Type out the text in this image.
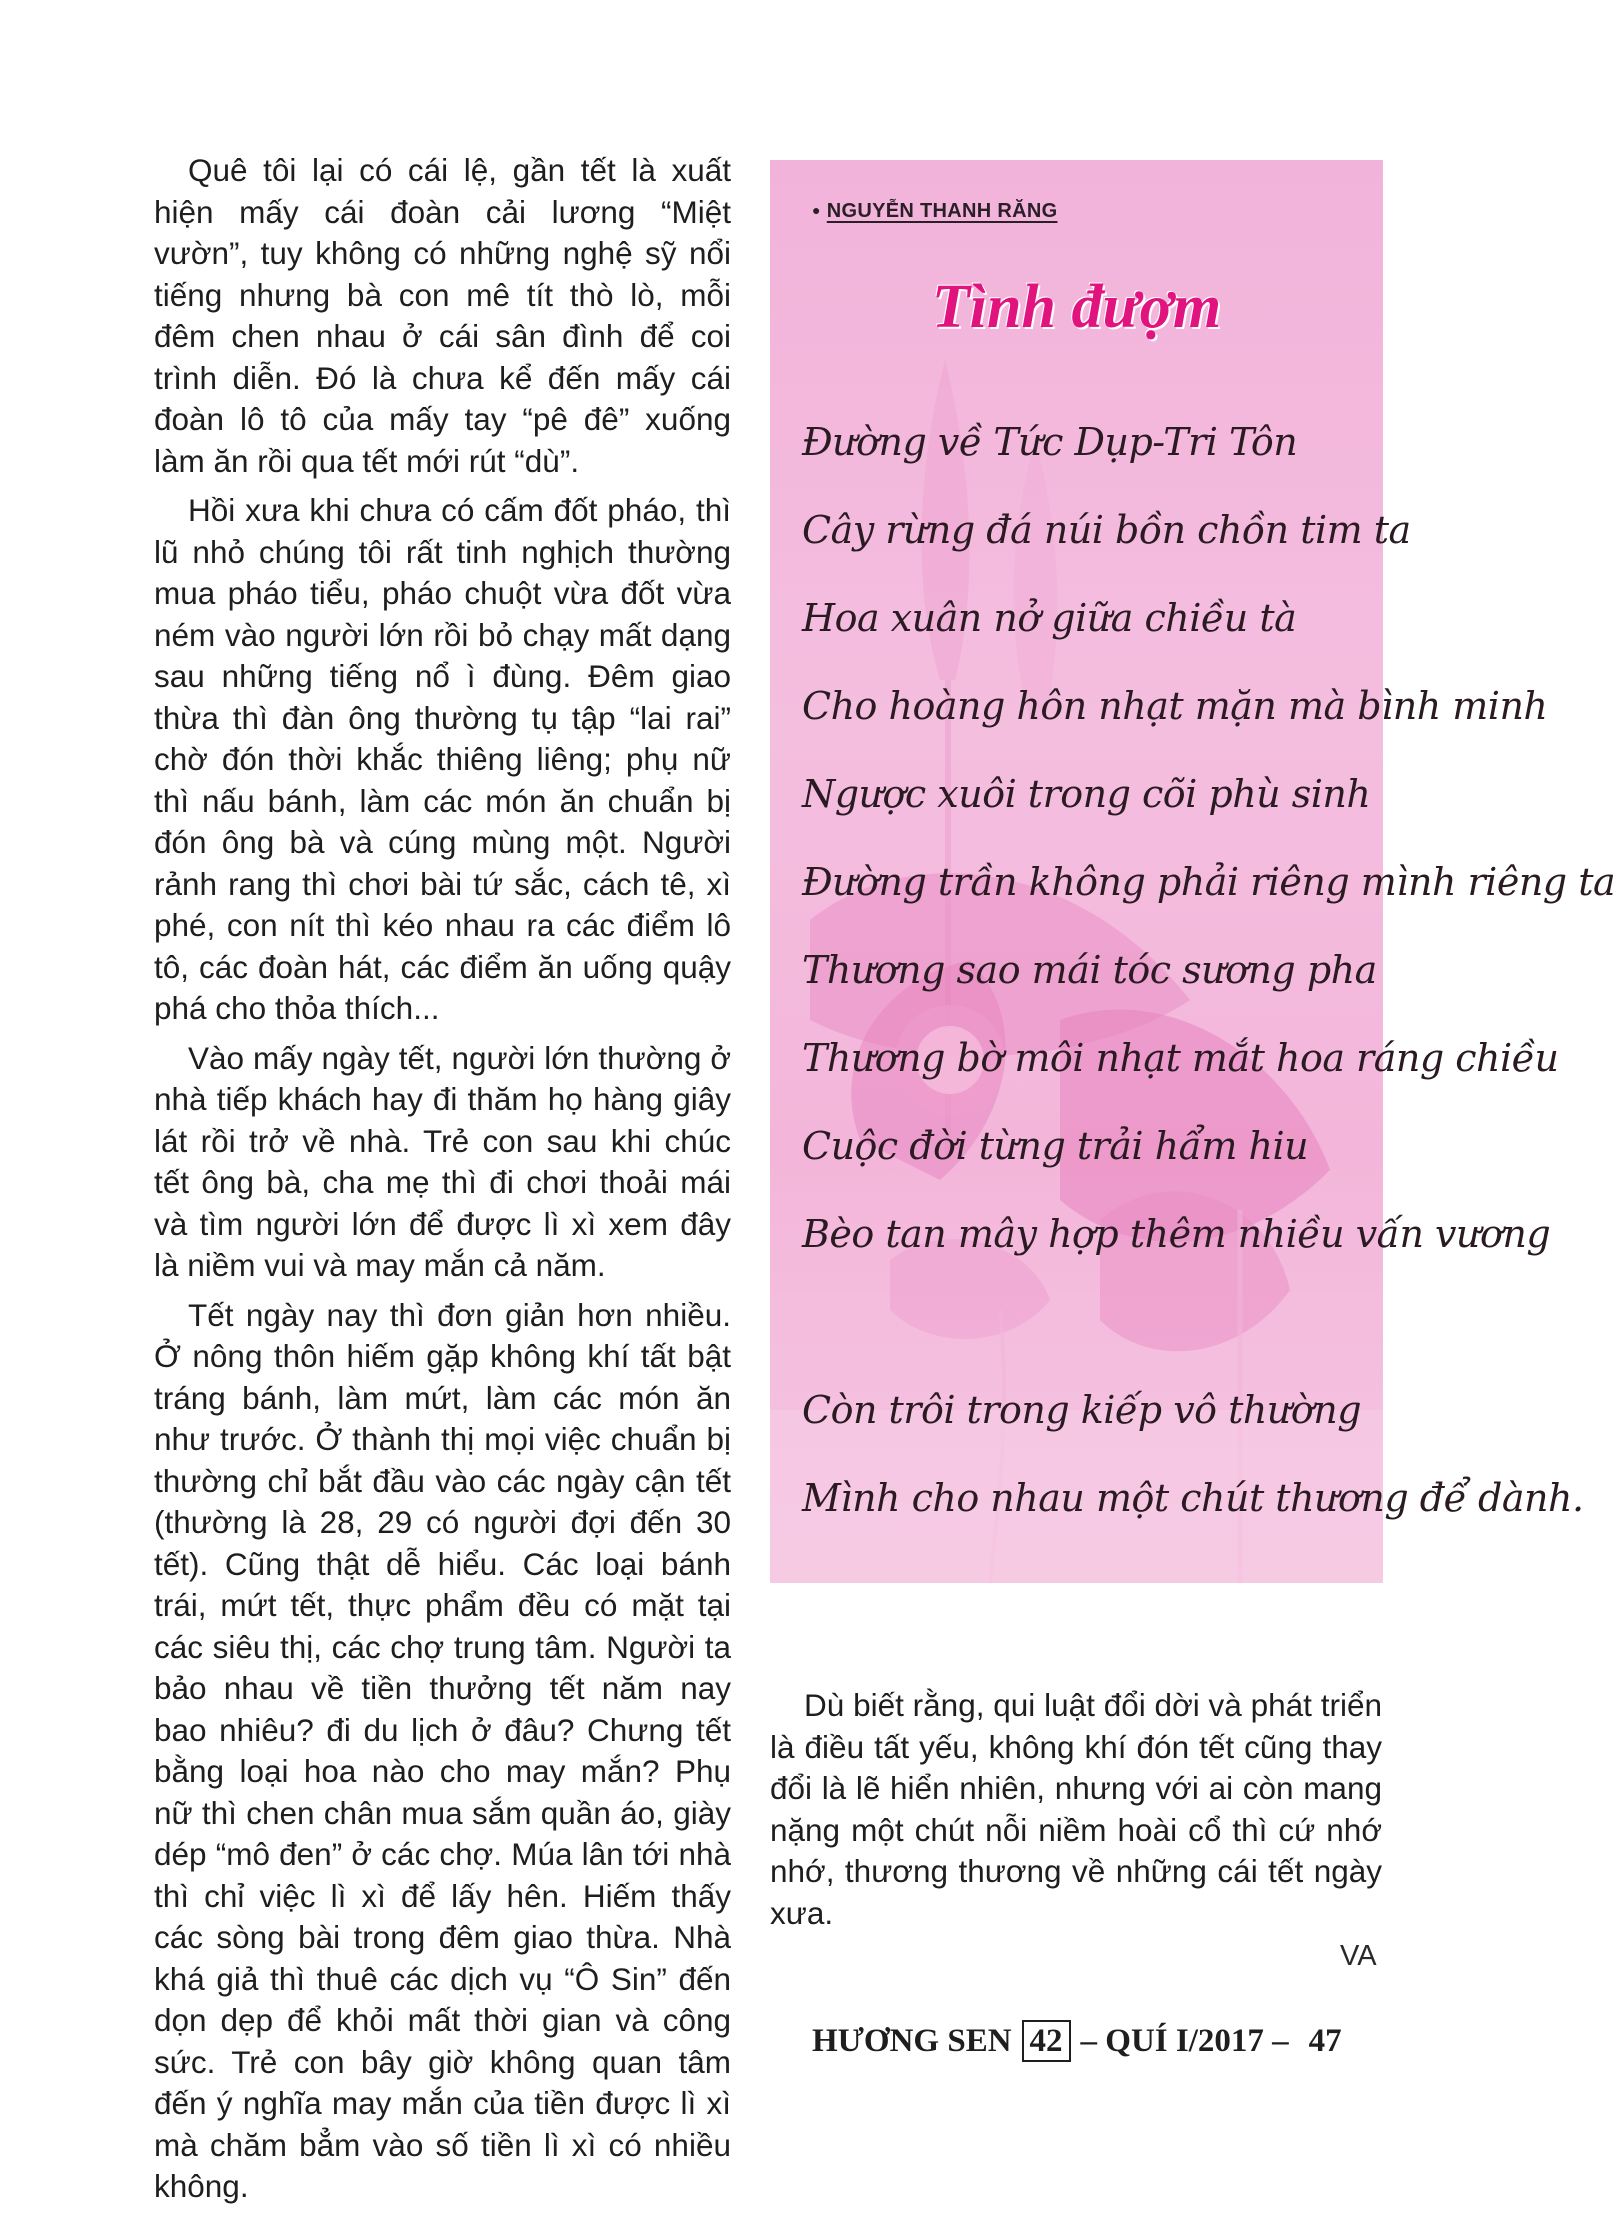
Quê tôi lại có cái lệ, gần tết là xuất hiện mấy cái đoàn cải lương “Miệt vườn”, tuy không có những nghệ sỹ nổi tiếng nhưng bà con mê tít thò lò, mỗi đêm chen nhau ở cái sân đình để coi trình diễn. Đó là chưa kể đến mấy cái đoàn lô tô của mấy tay “pê đê” xuống làm ăn rồi qua tết mới rút “dù”.

Hồi xưa khi chưa có cấm đốt pháo, thì lũ nhỏ chúng tôi rất tinh nghịch thường mua pháo tiểu, pháo chuột vừa đốt vừa ném vào người lớn rồi bỏ chạy mất dạng sau những tiếng nổ ì đùng. Đêm giao thừa thì đàn ông thường tụ tập “lai rai” chờ đón thời khắc thiêng liêng; phụ nữ thì nấu bánh, làm các món ăn chuẩn bị đón ông bà và cúng mùng một. Người rảnh rang thì chơi bài tứ sắc, cách tê, xì phé, con nít thì kéo nhau ra các điểm lô tô, các đoàn hát, các điểm ăn uống quậy phá cho thỏa thích...

Vào mấy ngày tết, người lớn thường ở nhà tiếp khách hay đi thăm họ hàng giây lát rồi trở về nhà. Trẻ con sau khi chúc tết ông bà, cha mẹ thì đi chơi thoải mái và tìm người lớn để được lì xì xem đây là niềm vui và may mắn cả năm.

Tết ngày nay thì đơn giản hơn nhiều. Ở nông thôn hiếm gặp không khí tất bật tráng bánh, làm mứt, làm các món ăn như trước. Ở thành thị mọi việc chuẩn bị thường chỉ bắt đầu vào các ngày cận tết (thường là 28, 29 có người đợi đến 30 tết). Cũng thật dễ hiểu. Các loại bánh trái, mứt tết, thực phẩm đều có mặt tại các siêu thị, các chợ trung tâm. Người ta bảo nhau về tiền thưởng tết năm nay bao nhiêu? đi du lịch ở đâu? Chưng tết bằng loại hoa nào cho may mắn? Phụ nữ thì chen chân mua sắm quần áo, giày dép “mô đen” ở các chợ. Múa lân tới nhà thì chỉ việc lì xì để lấy hên. Hiếm thấy các sòng bài trong đêm giao thừa. Nhà khá giả thì thuê các dịch vụ “Ô Sin” đến dọn dẹp để khỏi mất thời gian và công sức. Trẻ con bây giờ không quan tâm đến ý nghĩa may mắn của tiền được lì xì mà chăm bẳm vào số tiền lì xì có nhiều không.

● NGUYỄN THANH RĂNG
Tình đượm
Đường về Tức Dụp-Tri Tôn
Cây rừng đá núi bồn chồn tim ta
Hoa xuân nở giữa chiều tà
Cho hoàng hôn nhạt mặn mà bình minh
Ngược xuôi trong cõi phù sinh
Đường trần không phải riêng mình riêng ta
Thương sao mái tóc sương pha
Thương bờ môi nhạt mắt hoa ráng chiều
Cuộc đời từng trải hẩm hiu
Bèo tan mây hợp thêm nhiều vấn vương
Còn trôi trong kiếp vô thường
Mình cho nhau một chút thương để dành.

Dù biết rằng, qui luật đổi dời và phát triển là điều tất yếu, không khí đón tết cũng thay đổi là lẽ hiển nhiên, nhưng với ai còn mang nặng một chút nỗi niềm hoài cổ thì cứ nhớ nhớ, thương thương về những cái tết ngày xưa.

VA
HƯƠNG SEN 42 – QUÍ I/2017 – 47
